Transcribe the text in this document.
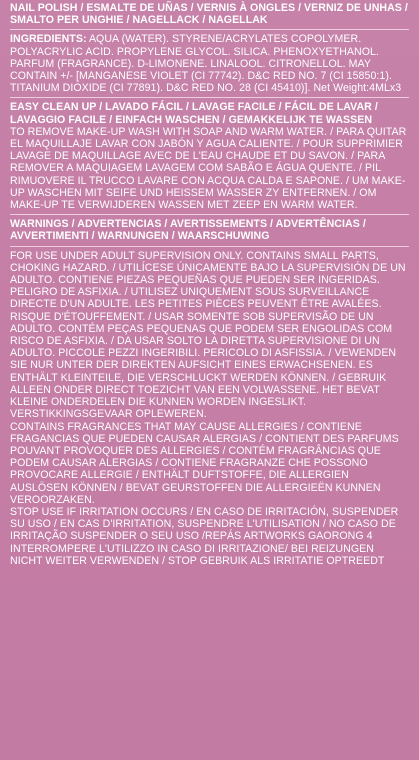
NAIL POLISH / ESMALTE DE UÑAS / VERNIS À ONGLES / VERNIZ DE UNHAS / SMALTO PER UNGHIE / NAGELLACK / NAGELLAK

INGREDIENTS: AQUA (WATER). STYRENE/ACRYLATES COPOLYMER. POLYACRYLIC ACID. PROPYLENE GLYCOL. SILICA. PHENOXYETHANOL. PARFUM (FRAGRANCE). D-LIMONENE. LINALOOL. CITRONELLOL. MAY CONTAIN +/- [MANGANESE VIOLET (CI 77742). D&C RED NO. 7 (CI 15850:1). TITANIUM DIOXIDE (CI 77891). D&C RED NO. 28 (CI 45410)]. Net Weight:4MLx3

EASY CLEAN UP / LAVADO FÁCIL / LAVAGE FACILE / FÁCIL DE LAVAR / LAVAGGIO FACILE / EINFACH WASCHEN / GEMAKKELIJK TE WASSEN

TO REMOVE MAKE-UP WASH WITH SOAP AND WARM WATER. / PARA QUITAR EL MAQUILLAJE LAVAR CON JABÓN Y AGUA CALIENTE. / POUR SUPPRIMIER LAVAGE DE MAQUILLAGE AVEC DE L'EAU CHAUDE ET DU SAVON. / PARA REMOVER A MAQUIAGEM LAVAGEM COM SABÃO E ÁGUA QUENTE. / PIL RIMUOVERE IL TRUCCO LAVARE CON ACQUA CALDA E SAPONE. / UM MAKE-UP WASCHEN MIT SEIFE UND HEISSEM WASSER ZY ENTFERNEN. / OM MAKE-UP TE VERWIJDEREN WASSEN MET ZEEP EN WARM WATER.

WARNINGS / ADVERTENCIAS / AVERTISSEMENTS / ADVERTÊNCIAS / AVVERTIMENTI / WARNUNGEN / WAARSCHUWING

FOR USE UNDER ADULT SUPERVISION ONLY. CONTAINS SMALL PARTS, CHOKING HAZARD. / UTILÍCESE ÚNICAMENTE BAJO LA SUPERVISIÓN DE UN ADULTO. CONTIENE PIEZAS PEQUEÑAS QUE PUEDEN SER INGERIDAS. PELIGRO DE ASFIXIA. / UTILISEZ UNIQUEMENT SOUS SURVEILLANCE DIRECTE D'UN ADULTE. LES PETITES PIÈCES PEUVENT ÊTRE AVALÉES. RISQUE D'ÉTOUFFEMENT. / USAR SOMENTE SOB SUPERVISÃO DE UN ADULTO. CONTÉM PEÇAS PEQUENAS QUE PODEM SER ENGOLIDAS COM RISCO DE ASFIXIA. / DA USAR SOLTO LA DIRETTA SUPERVISIONE DI UN ADULTO. PICCOLE PEZZI INGERIBILI. PERICOLO DI ASFISSIA. / VEWENDEN SIE NUR UNTER DER DIREKTEN AUFSICHT EINES ERWACHSENEN. ES ENTHÄLT KLEINTEILE, DIE VERSCHLUCKT WERDEN KÖNNEN. / GEBRUIK ALLEEN ONDER DIRECT TOEZICHT VAN EEN VOLWASSENE. HET BEVAT KLEINE ONDERDELEN DIE KUNNEN WORDEN INGESLIKT. VERSTIKKINGSGEVAAR OPLEWEREN.

CONTAINS FRAGRANCES THAT MAY CAUSE ALLERGIES / CONTIENE FRAGANCIAS QUE PUEDEN CAUSAR ALERGIAS / CONTIENT DES PARFUMS POUVANT PROVOQUER DES ALLERGIES / CONTÉM FRAGRÂNCIAS QUE PODEM CAUSAR ALERGIAS / CONTIENE FRAGRANZE CHE POSSONO PROVOCARE ALLERGIE / ENTHÄLT DUFTSTOFFE, DIE ALLERGIEN AUSLÖSEN KÖNNEN / BEVAT GEURSTOFFEN DIE ALLERGIEËN KUNNEN VEROORZAKEN.

STOP USE IF IRRITATION OCCURS / EN CASO DE IRRITACIÓN, SUSPENDER SU USO / EN CAS D'IRRITATION, SUSPENDRE L'UTILISATION / NO CASO DE IRRITAÇÃO SUSPENDER O SEU USO /REPÁS ARTWORKS GAORONG 4 INTERROMPERE L'UTILIZZO IN CASO DI IRRITAZIONE/ BEI REIZUNGEN NICHT WEITER VERWENDEN / STOP GEBRUIK ALS IRRITATIE OPTREEDT
